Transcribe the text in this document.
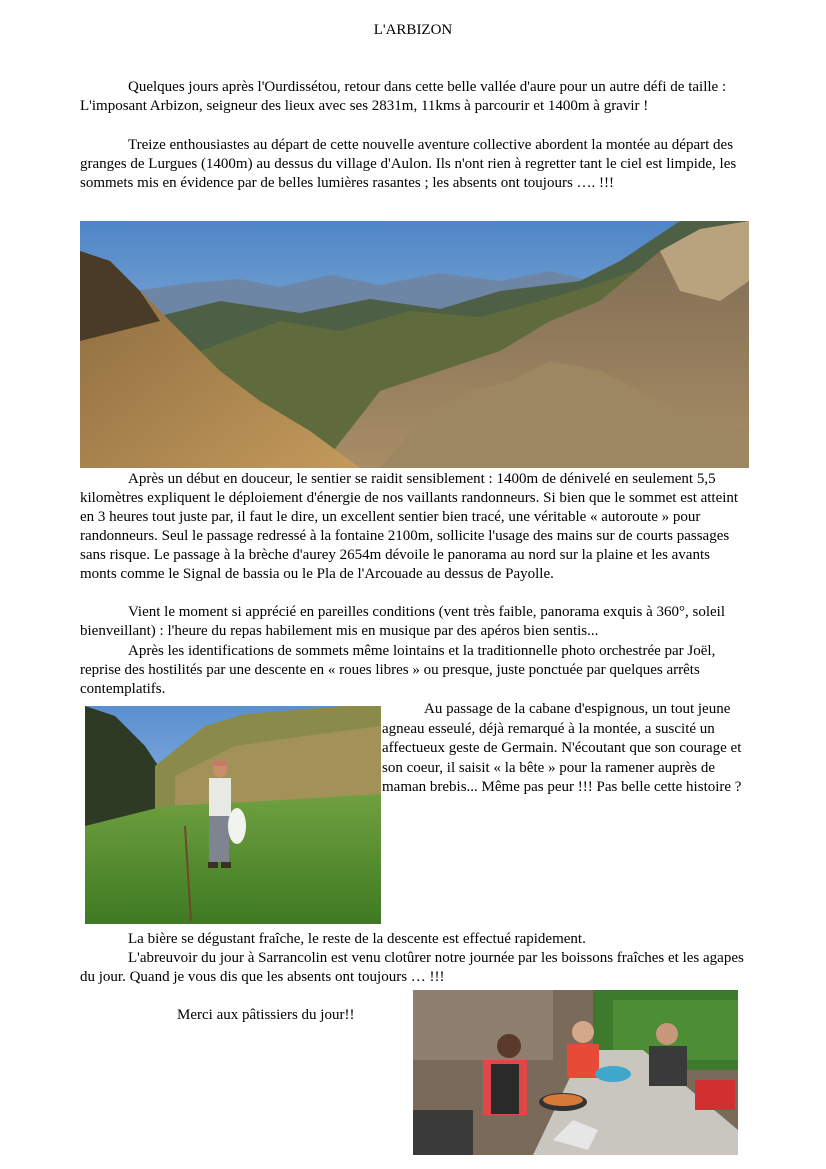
L'ARBIZON

Quelques jours après l'Ourdissétou, retour dans cette belle vallée d'aure pour un autre défi de taille : L'imposant Arbizon, seigneur des lieux avec ses 2831m, 11kms à parcourir et 1400m à gravir !

Treize enthousiastes au départ de cette nouvelle aventure collective abordent la montée au départ des granges de Lurgues (1400m) au dessus du village d'Aulon. Ils n'ont rien à regretter tant le ciel est limpide, les sommets mis en évidence par de belles lumières rasantes ; les absents ont toujours …. !!!

Après un début en douceur, le sentier se raidit sensiblement : 1400m de dénivelé en seulement 5,5 kilomètres expliquent le déploiement d'énergie de nos vaillants randonneurs. Si bien que le sommet est atteint en 3 heures tout juste par, il faut le dire, un excellent sentier bien tracé, une véritable « autoroute » pour randonneurs. Seul le passage redressé à la fontaine 2100m, sollicite l'usage des mains sur de courts passages sans risque. Le passage à la brèche d'aurey 2654m dévoile le panorama au nord sur la plaine et les avants monts comme le Signal de bassia ou le Pla de l'Arcouade au dessus de Payolle.

Vient le moment si apprécié en pareilles conditions (vent très faible, panorama exquis à 360°, soleil bienveillant) : l'heure du repas habilement mis en musique par des apéros bien sentis...

Après les identifications de sommets même lointains et la traditionnelle photo orchestrée par Joël, reprise des hostilités par une descente en « roues libres » ou presque, juste ponctuée par quelques arrêts contemplatifs.

Au passage de la cabane d'espignous, un tout jeune agneau esseulé, déjà remarqué à la montée, a suscité un affectueux geste de Germain. N'écoutant que son courage et son coeur, il saisit « la bête » pour la ramener auprès de maman brebis... Même pas peur !!! Pas belle cette histoire ?

La bière se dégustant fraîche, le reste de la descente est effectué rapidement.

L'abreuvoir du jour à Sarrancolin est venu clotûrer notre journée par les boissons fraîches et les agapes du jour. Quand je vous dis que les absents ont toujours … !!!

Merci aux pâtissiers du jour!!
